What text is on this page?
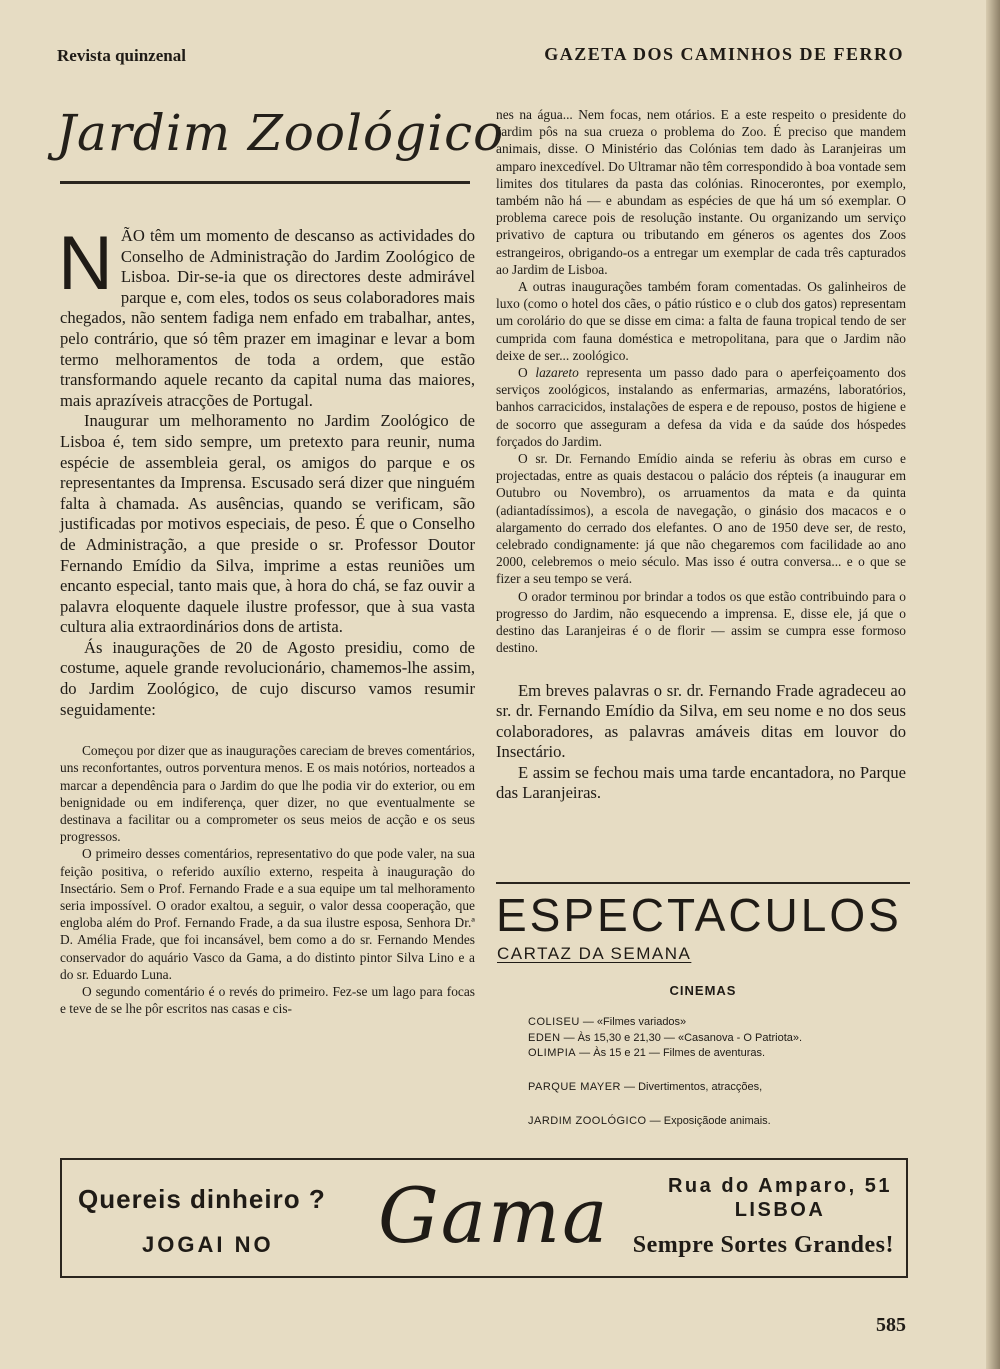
Revista quinzenal	GAZETA DOS CAMINHOS DE FERRO
Jardim Zoológico

NÃO têm um momento de descanso as actividades do Conselho de Administração do Jardim Zoológico de Lisboa. Dir-se-ia que os directores deste admirável parque e, com eles, todos os seus colaboradores mais chegados, não sentem fadiga nem enfado em trabalhar, antes, pelo contrário, que só têm prazer em imaginar e levar a bom termo melhoramentos de toda a ordem, que estão transformando aquele recanto da capital numa das maiores, mais aprazíveis atracções de Portugal.

Inaugurar um melhoramento no Jardim Zoológico de Lisboa é, tem sido sempre, um pretexto para reunir, numa espécie de assembleia geral, os amigos do parque e os representantes da Imprensa. Escusado será dizer que ninguém falta à chamada. As ausências, quando se verificam, são justificadas por motivos especiais, de peso. É que o Conselho de Administração, a que preside o sr. Professor Doutor Fernando Emídio da Silva, imprime a estas reuniões um encanto especial, tanto mais que, à hora do chá, se faz ouvir a palavra eloquente daquele ilustre professor, que à sua vasta cultura alia extraordinários dons de artista.

Ás inaugurações de 20 de Agosto presidiu, como de costume, aquele grande revolucionário, chamemos-lhe assim, do Jardim Zoológico, de cujo discurso vamos resumir seguidamente:

Começou por dizer que as inaugurações careciam de breves comentários, uns reconfortantes, outros porventura menos. E os mais notórios, norteados a marcar a dependência para o Jardim do que lhe podia vir do exterior, ou em benignidade ou em indiferença, quer dizer, no que eventualmente se destinava a facilitar ou a comprometer os seus meios de acção e os seus progressos.

O primeiro desses comentários, representativo do que pode valer, na sua feição positiva, o referido auxílio externo, respeita à inauguração do Insectário. Sem o Prof. Fernando Frade e a sua equipe um tal melhoramento seria impossível. O orador exaltou, a seguir, o valor dessa cooperação, que engloba além do Prof. Fernando Frade, a da sua ilustre esposa, Senhora Dr.ª D. Amélia Frade, que foi incansável, bem como a do sr. Fernando Mendes conservador do aquário Vasco da Gama, a do distinto pintor Silva Lino e a do sr. Eduardo Luna.

O segundo comentário é o revés do primeiro. Fez-se um lago para focas e teve de se lhe pôr escritos nas casas e cis-

nes na água... Nem focas, nem otários. E a este respeito o presidente do Jardim pôs na sua crueza o problema do Zoo. É preciso que mandem animais, disse. O Ministério das Colónias tem dado às Laranjeiras um amparo inexcedível. Do Ultramar não têm correspondido à boa vontade sem limites dos titulares da pasta das colónias. Rinocerontes, por exemplo, também não há — e abundam as espécies de que há um só exemplar. O problema carece pois de resolução instante. Ou organizando um serviço privativo de captura ou tributando em géneros os agentes dos Zoos estrangeiros, obrigando-os a entregar um exemplar de cada três capturados ao Jardim de Lisboa.

A outras inaugurações também foram comentadas. Os galinheiros de luxo (como o hotel dos cães, o pátio rústico e o club dos gatos) representam um corolário do que se disse em cima: a falta de fauna tropical tendo de ser cumprida com fauna doméstica e metropolitana, para que o Jardim não deixe de ser... zoológico.

O lazareto representa um passo dado para o aperfeiçoamento dos serviços zoológicos, instalando as enfermarias, armazéns, laboratórios, banhos carracicidos, instalações de espera e de repouso, postos de higiene e de socorro que asseguram a defesa da vida e da saúde dos hóspedes forçados do Jardim.

O sr. Dr. Fernando Emídio ainda se referiu às obras em curso e projectadas, entre as quais destacou o palácio dos répteis (a inaugurar em Outubro ou Novembro), os arruamentos da mata e da quinta (adiantadíssimos), a escola de navegação, o ginásio dos macacos e o alargamento do cerrado dos elefantes. O ano de 1950 deve ser, de resto, celebrado condignamente: já que não chegaremos com facilidade ao ano 2000, celebremos o meio século. Mas isso é outra conversa... e o que se fizer a seu tempo se verá.

O orador terminou por brindar a todos os que estão contribuindo para o progresso do Jardim, não esquecendo a imprensa. E, disse ele, já que o destino das Laranjeiras é o de florir — assim se cumpra esse formoso destino.

Em breves palavras o sr. dr. Fernando Frade agradeceu ao sr. dr. Fernando Emídio da Silva, em seu nome e no dos seus colaboradores, as palavras amáveis ditas em louvor do Insectário.

E assim se fechou mais uma tarde encantadora, no Parque das Laranjeiras.

ESPECTACULOS
CARTAZ DA SEMANA
CINEMAS
COLISEU — «Filmes variados»
EDEN — Às 15,30 e 21,30 — «Casanova - O Patriota».
OLIMPIA — Às 15 e 21 — Filmes de aventuras.
PARQUE MAYER — Divertimentos, atracções,
JARDIM ZOOLÓGICO — Exposiçãode animais.
Quereis dinheiro ?
JOGAI NO Gama	Rua do Amparo, 51
LISBOA
Sempre Sortes Grandes!
585
